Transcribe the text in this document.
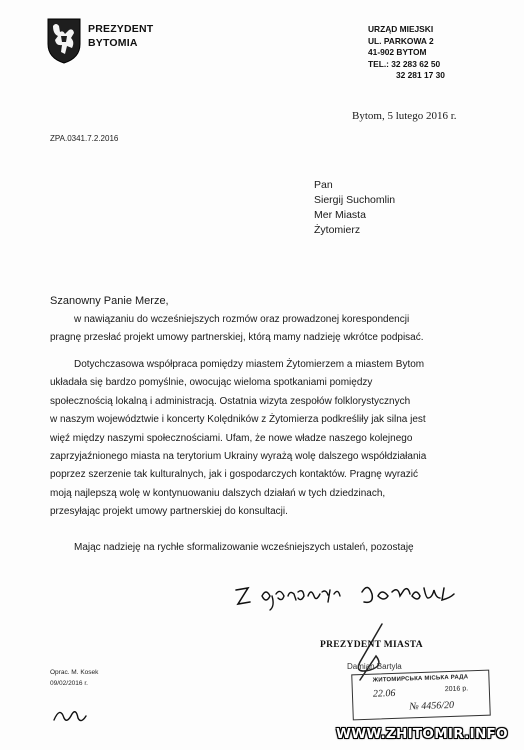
PREZYDENT
BYTOMIA
URZĄD MIEJSKI
UL. PARKOWA 2
41-902 BYTOM
TEL.: 32 283 62 50
32 281 17 30
Bytom, 5 lutego 2016 r.
ZPA.0341.7.2.2016
Pan
Siergij Suchomlin
Mer Miasta
Żytomierz
Szanowny Panie Merze,
w nawiązaniu do wcześniejszych rozmów oraz prowadzonej korespondencji
pragnę przesłać projekt umowy partnerskiej, którą mamy nadzieję wkrótce podpisać.
Dotychczasowa współpraca pomiędzy miastem Żytomierzem a miastem Bytom
układała się bardzo pomyślnie, owocując wieloma spotkaniami pomiędzy
społecznością lokalną i administracją. Ostatnia wizyta zespołów folklorystycznych
w naszym województwie i koncerty Kolędników z Żytomierza podkreśliły jak silna jest
więź między naszymi społecznościami. Ufam, że nowe władze naszego kolejnego
zaprzyjaźnionego miasta na terytorium Ukrainy wyrażą wolę dalszego współdziałania
poprzez szerzenie tak kulturalnych, jak i gospodarczych kontaktów. Pragnę wyrazić
moją najlepszą wolę w kontynuowaniu dalszych działań w tych dziedzinach,
przesyłając projekt umowy partnerskiej do konsultacji.
Mając nadzieję na rychłe sformalizowanie wcześniejszych ustaleń, pozostaję
PREZYDENT MIASTA
Damian Bartyla
ЖИТОМИРСЬКА МІСЬКА РАДА
22.06	2016 р.
№ 4456/20
Oprac. M. Kosek
09/02/2016 r.
WWW.ZHITOMIR.INFO
